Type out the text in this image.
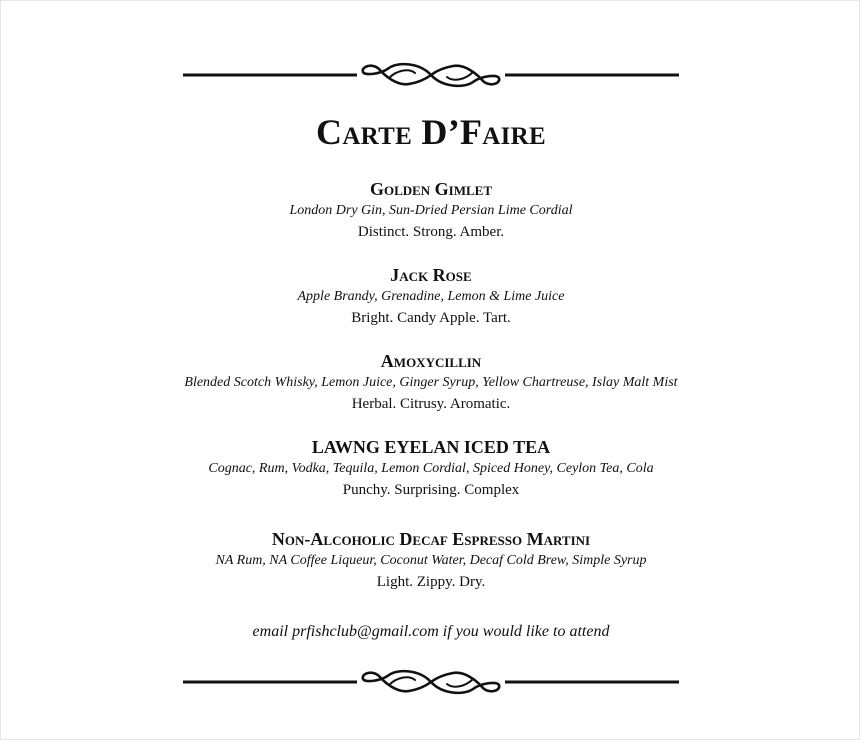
Carte D’Faire
Golden Gimlet
London Dry Gin, Sun-Dried Persian Lime Cordial
Distinct. Strong. Amber.
Jack Rose
Apple Brandy, Grenadine, Lemon & Lime Juice
Bright. Candy Apple. Tart.
Amoxycillin
Blended Scotch Whisky, Lemon Juice, Ginger Syrup, Yellow Chartreuse, Islay Malt Mist
Herbal. Citrusy. Aromatic.
LAWNG EYELAN ICED TEA
Cognac, Rum, Vodka, Tequila, Lemon Cordial, Spiced Honey, Ceylon Tea, Cola
Punchy. Surprising. Complex
Non-Alcoholic Decaf Espresso Martini
NA Rum, NA Coffee Liqueur, Coconut Water, Decaf Cold Brew, Simple Syrup
Light. Zippy. Dry.
email prfishclub@gmail.com if you would like to attend
